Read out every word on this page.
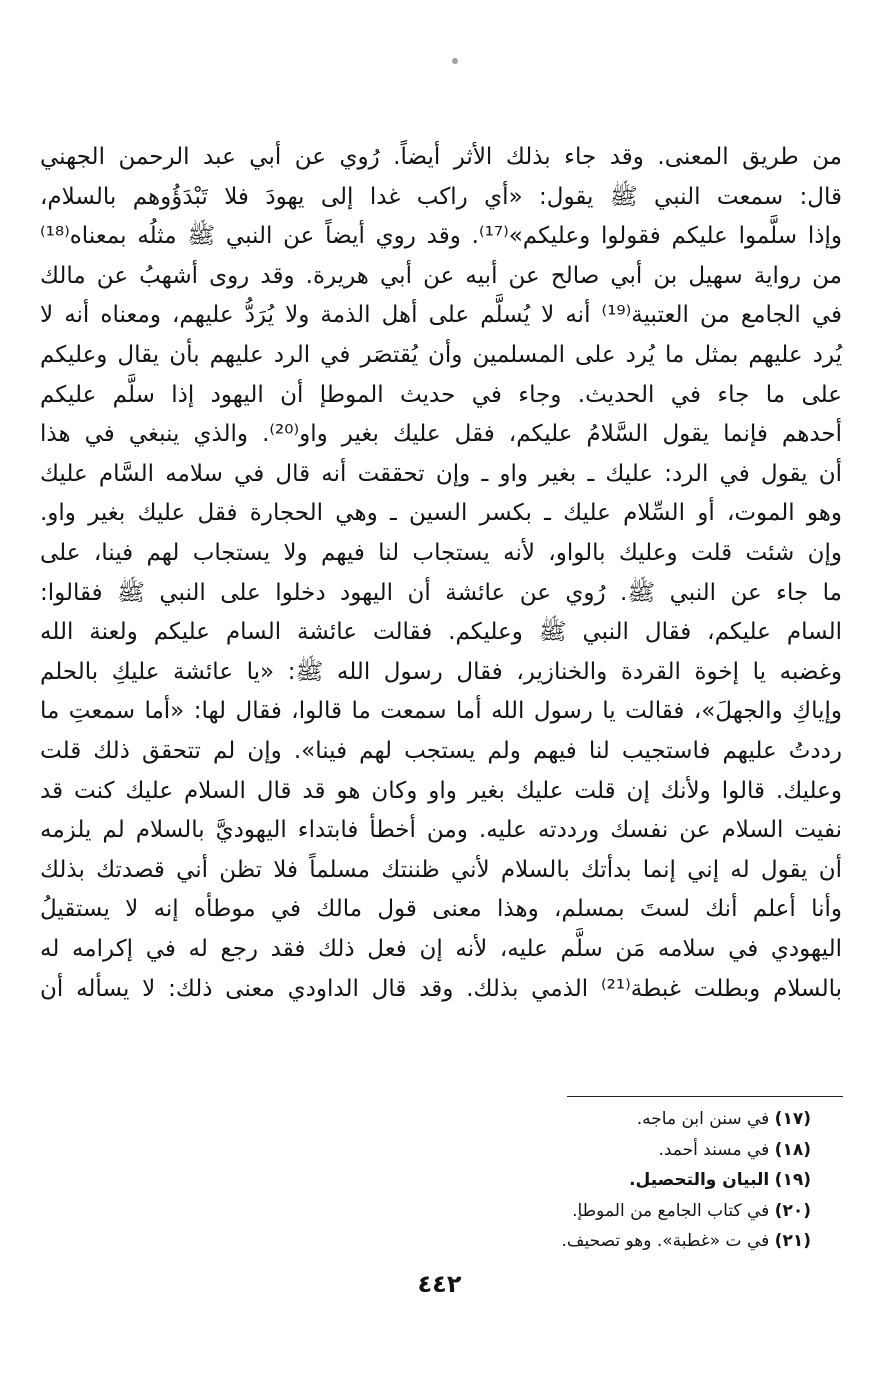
من طريق المعنى. وقد جاء بذلك الأثر أيضاً. رُوي عن أبي عبد الرحمن الجهني
قال: سمعت النبي ﷺ يقول: «أي راكب غدا إلى يهودَ فلا تَبْدَؤُوهم بالسلام،
وإذا سلَّموا عليكم فقولوا وعليكم»⁽¹⁷⁾. وقد روي أيضاً عن النبي ﷺ مثلُه بمعناه⁽¹⁸⁾
من رواية سهيل بن أبي صالح عن أبيه عن أبي هريرة. وقد روى أشهبُ عن مالك
في الجامع من العتبية⁽¹⁹⁾ أنه لا يُسلَّم على أهل الذمة ولا يُرَدُّ عليهم، ومعناه أنه لا
يُرد عليهم بمثل ما يُرد على المسلمين وأن يُقتصَر في الرد عليهم بأن يقال وعليكم
على ما جاء في الحديث. وجاء في حديث الموطإ أن اليهود إذا سلَّم عليكم
أحدهم فإنما يقول السَّلامُ عليكم، فقل عليك بغير واو⁽²⁰⁾. والذي ينبغي في هذا
أن يقول في الرد: عليك ـ بغير واو ـ وإن تحققت أنه قال في سلامه السَّام عليك
وهو الموت، أو السِّلام عليك ـ بكسر السين ـ وهي الحجارة فقل عليك بغير واو.
وإن شئت قلت وعليك بالواو، لأنه يستجاب لنا فيهم ولا يستجاب لهم فينا، على
ما جاء عن النبي ﷺ. رُوي عن عائشة أن اليهود دخلوا على النبي ﷺ فقالوا:
السام عليكم، فقال النبي ﷺ وعليكم. فقالت عائشة السام عليكم ولعنة الله
وغضبه يا إخوة القردة والخنازير، فقال رسول الله ﷺ: «يا عائشة عليكِ بالحلم
وإياكِ والجهلَ»، فقالت يا رسول الله أما سمعت ما قالوا، فقال لها: «أما سمعتِ ما
رددتُ عليهم فاستجيب لنا فيهم ولم يستجب لهم فينا». وإن لم تتحقق ذلك قلت
وعليك. قالوا ولأنك إن قلت عليك بغير واو وكان هو قد قال السلام عليك كنت قد
نفيت السلام عن نفسك ورددته عليه. ومن أخطأ فابتداء اليهوديَّ بالسلام لم يلزمه
أن يقول له إني إنما بدأتك بالسلام لأني ظننتك مسلماً فلا تظن أني قصدتك بذلك
وأنا أعلم أنك لستَ بمسلم، وهذا معنى قول مالك في موطأه إنه لا يستقيلُ
اليهودي في سلامه مَن سلَّم عليه، لأنه إن فعل ذلك فقد رجع له في إكرامه له
بالسلام وبطلت غبطة⁽²¹⁾ الذمي بذلك. وقد قال الداودي معنى ذلك: لا يسأله أن
(١٧) في سنن ابن ماجه.
(١٨) في مسند أحمد.
(١٩) البيان والتحصيل.
(٢٠) في كتاب الجامع من الموطإ.
(٢١) في ت «غطبة». وهو تصحيف.
٤٤٢
